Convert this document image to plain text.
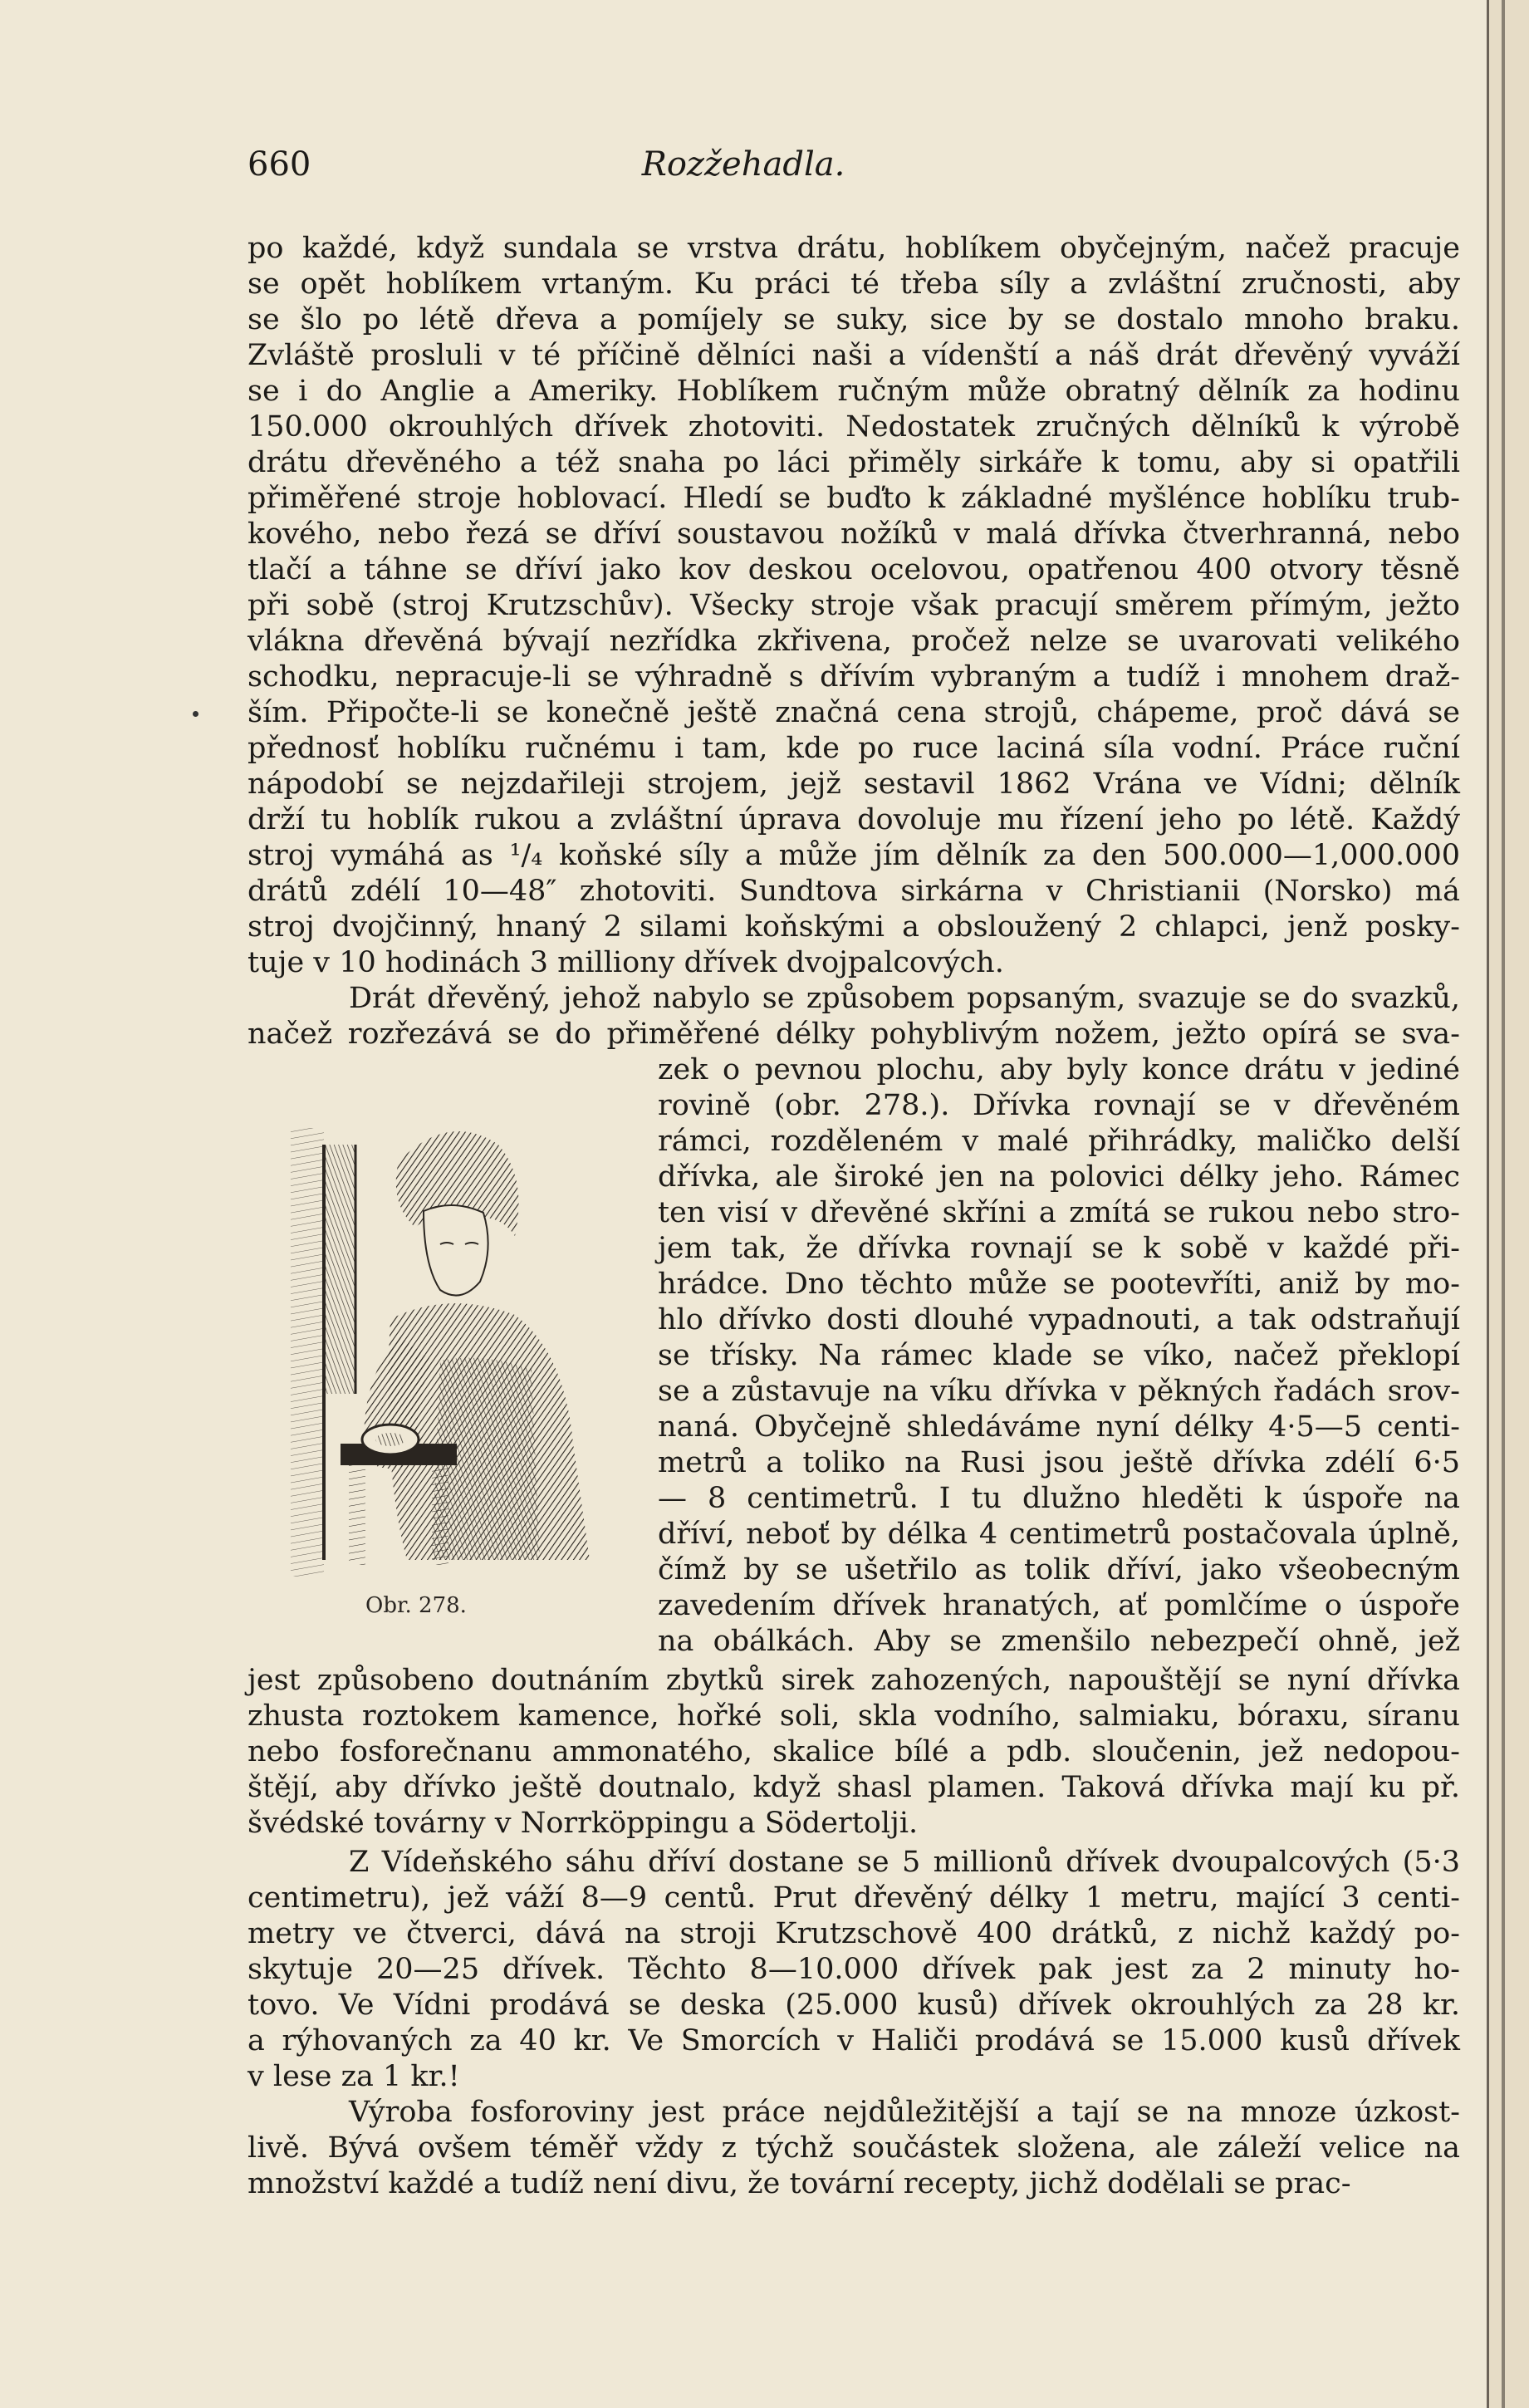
660	Rozžehadla.
po každé, když sundala se vrstva drátu, hoblíkem obyčejným, načež pracuje
se opět hoblíkem vrtaným. Ku práci té třeba síly a zvláštní zručnosti, aby
se šlo po létě dřeva a pomíjely se suky, sice by se dostalo mnoho braku.
Zvláště prosluli v té příčině dělníci naši a vídenští a náš drát dřevěný vyváží
se i do Anglie a Ameriky. Hoblíkem ručným může obratný dělník za hodinu
150.000 okrouhlých dřívek zhotoviti. Nedostatek zručných dělníků k výrobě
drátu dřevěného a též snaha po láci přiměly sirkáře k tomu, aby si opatřili
přiměřené stroje hoblovací. Hledí se buďto k základné myšlénce hoblíku trub-
kového, nebo řezá se dříví soustavou nožíků v malá dřívka čtverhranná, nebo
tlačí a táhne se dříví jako kov deskou ocelovou, opatřenou 400 otvory těsně
při sobě (stroj Krutzschův). Všecky stroje však pracují směrem přímým, ježto
vlákna dřevěná bývají nezřídka zkřivena, pročež nelze se uvarovati velikého
schodku, nepracuje-li se výhradně s dřívím vybraným a tudíž i mnohem draž-
ším. Připočte-li se konečně ještě značná cena strojů, chápeme, proč dává se
přednosť hoblíku ručnému i tam, kde po ruce laciná síla vodní. Práce ruční
nápodobí se nejzdařileji strojem, jejž sestavil 1862 Vrána ve Vídni; dělník
drží tu hoblík rukou a zvláštní úprava dovoluje mu řízení jeho po létě. Každý
stroj vymáhá as ¹/₄ koňské síly a může jím dělník za den 500.000—1,000.000
drátů zdélí 10—48″ zhotoviti. Sundtova sirkárna v Christianii (Norsko) má
stroj dvojčinný, hnaný 2 silami koňskými a obsloužený 2 chlapci, jenž posky-
tuje v 10 hodinách 3 milliony dřívek dvojpalcových.
Drát dřevěný, jehož nabylo se způsobem popsaným, svazuje se do svazků,
načež rozřezává se do přiměřené délky pohyblivým nožem, ježto opírá se sva-
zek o pevnou plochu, aby byly konce drátu v jediné
rovině (obr. 278.). Dřívka rovnají se v dřevěném
rámci, rozděleném v malé přihrádky, maličko delší
dřívka, ale široké jen na polovici délky jeho. Rámec
ten visí v dřevěné skříni a zmítá se rukou nebo stro-
jem tak, že dřívka rovnají se k sobě v každé při-
hrádce. Dno těchto může se pootevříti, aniž by mo-
hlo dřívko dosti dlouhé vypadnouti, a tak odstraňují
se třísky. Na rámec klade se víko, načež překlopí
se a zůstavuje na víku dřívka v pěkných řadách srov-
naná. Obyčejně shledáváme nyní délky 4·5—5 centi-
metrů a toliko na Rusi jsou ještě dřívka zdélí 6·5
— 8 centimetrů. I tu dlužno hleděti k úspoře na
dříví, neboť by délka 4 centimetrů postačovala úplně,
čímž by se ušetřilo as tolik dříví, jako všeobecným
zavedením dřívek hranatých, ať pomlčíme o úspoře
na obálkách. Aby se zmenšilo nebezpečí ohně, jež
jest způsobeno doutnáním zbytků sirek zahozených, napouštějí se nyní dřívka
zhusta roztokem kamence, hořké soli, skla vodního, salmiaku, bóraxu, síranu
nebo fosforečnanu ammonatého, skalice bílé a pdb. sloučenin, jež nedopou-
štějí, aby dřívko ještě doutnalo, když shasl plamen. Taková dřívka mají ku př.
švédské továrny v Norrköppingu a Södertolji.
Z Vídeňského sáhu dříví dostane se 5 millionů dřívek dvoupalcových (5·3
centimetru), jež váží 8—9 centů. Prut dřevěný délky 1 metru, mající 3 centi-
metry ve čtverci, dává na stroji Krutzschově 400 drátků, z nichž každý po-
skytuje 20—25 dřívek. Těchto 8—10.000 dřívek pak jest za 2 minuty ho-
tovo. Ve Vídni prodává se deska (25.000 kusů) dřívek okrouhlých za 28 kr.
a rýhovaných za 40 kr. Ve Smorcích v Haliči prodává se 15.000 kusů dřívek
v lese za 1 kr.!
Výroba fosforoviny jest práce nejdůležitější a tají se na mnoze úzkost-
livě. Bývá ovšem téměř vždy z týchž součástek složena, ale záleží velice na
množství každé a tudíž není divu, že tovární recepty, jichž dodělali se prac-
Obr. 278.
